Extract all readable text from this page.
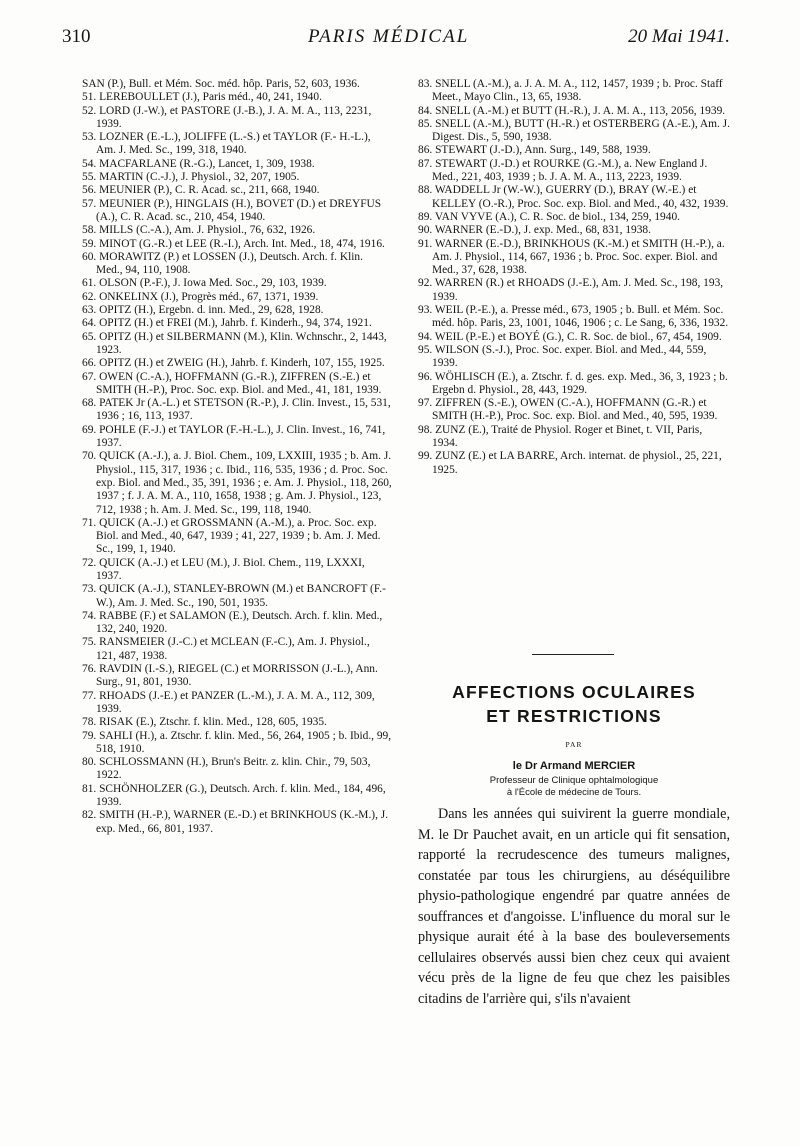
310	PARIS MÉDICAL	20 Mai 1941.

SAN (P.), Bull. et Mém. Soc. méd. hôp. Paris, 52, 603, 1936.

51. LEREBOULLET (J.), Paris méd., 40, 241, 1940.

52. LORD (J.-W.), et PASTORE (J.-B.), J. A. M. A., 113, 2231, 1939.

53. LOZNER (E.-L.), JOLIFFE (L.-S.) et TAYLOR (F.- H.-L.), Am. J. Med. Sc., 199, 318, 1940.

54. MACFARLANE (R.-G.), Lancet, 1, 309, 1938.

55. MARTIN (C.-J.), J. Physiol., 32, 207, 1905.

56. MEUNIER (P.), C. R. Acad. sc., 211, 668, 1940.

57. MEUNIER (P.), HINGLAIS (H.), BOVET (D.) et DREYFUS (A.), C. R. Acad. sc., 210, 454, 1940.

58. MILLS (C.-A.), Am. J. Physiol., 76, 632, 1926.

59. MINOT (G.-R.) et LEE (R.-I.), Arch. Int. Med., 18, 474, 1916.

60. MORAWITZ (P.) et LOSSEN (J.), Deutsch. Arch. f. Klin. Med., 94, 110, 1908.

61. OLSON (P.-F.), J. Iowa Med. Soc., 29, 103, 1939.

62. ONKELINX (J.), Progrès méd., 67, 1371, 1939.

63. OPITZ (H.), Ergebn. d. inn. Med., 29, 628, 1928.

64. OPITZ (H.) et FREI (M.), Jahrb. f. Kinderh., 94, 374, 1921.

65. OPITZ (H.) et SILBERMANN (M.), Klin. Wchnschr., 2, 1443, 1923.

66. OPITZ (H.) et ZWEIG (H.), Jahrb. f. Kinderh, 107, 155, 1925.

67. OWEN (C.-A.), HOFFMANN (G.-R.), ZIFFREN (S.-E.) et SMITH (H.-P.), Proc. Soc. exp. Biol. and Med., 41, 181, 1939.

68. PATEK Jr (A.-L.) et STETSON (R.-P.), J. Clin. Invest., 15, 531, 1936 ; 16, 113, 1937.

69. POHLE (F.-J.) et TAYLOR (F.-H.-L.), J. Clin. Invest., 16, 741, 1937.

70. QUICK (A.-J.), a. J. Biol. Chem., 109, LXXIII, 1935 ; b. Am. J. Physiol., 115, 317, 1936 ; c. Ibid., 116, 535, 1936 ; d. Proc. Soc. exp. Biol. and Med., 35, 391, 1936 ; e. Am. J. Physiol., 118, 260, 1937 ; f. J. A. M. A., 110, 1658, 1938 ; g. Am. J. Physiol., 123, 712, 1938 ; h. Am. J. Med. Sc., 199, 118, 1940.

71. QUICK (A.-J.) et GROSSMANN (A.-M.), a. Proc. Soc. exp. Biol. and Med., 40, 647, 1939 ; 41, 227, 1939 ; b. Am. J. Med. Sc., 199, 1, 1940.

72. QUICK (A.-J.) et LEU (M.), J. Biol. Chem., 119, LXXXI, 1937.

73. QUICK (A.-J.), STANLEY-BROWN (M.) et BANCROFT (F.-W.), Am. J. Med. Sc., 190, 501, 1935.

74. RABBE (F.) et SALAMON (E.), Deutsch. Arch. f. klin. Med., 132, 240, 1920.

75. RANSMEIER (J.-C.) et MCLEAN (F.-C.), Am. J. Physiol., 121, 487, 1938.

76. RAVDIN (I.-S.), RIEGEL (C.) et MORRISSON (J.-L.), Ann. Surg., 91, 801, 1930.

77. RHOADS (J.-E.) et PANZER (L.-M.), J. A. M. A., 112, 309, 1939.

78. RISAK (E.), Ztschr. f. klin. Med., 128, 605, 1935.

79. SAHLI (H.), a. Ztschr. f. klin. Med., 56, 264, 1905 ; b. Ibid., 99, 518, 1910.

80. SCHLOSSMANN (H.), Brun's Beitr. z. klin. Chir., 79, 503, 1922.

81. SCHÖNHOLZER (G.), Deutsch. Arch. f. klin. Med., 184, 496, 1939.

82. SMITH (H.-P.), WARNER (E.-D.) et BRINKHOUS (K.-M.), J. exp. Med., 66, 801, 1937.

83. SNELL (A.-M.), a. J. A. M. A., 112, 1457, 1939 ; b. Proc. Staff Meet., Mayo Clin., 13, 65, 1938.

84. SNELL (A.-M.) et BUTT (H.-R.), J. A. M. A., 113, 2056, 1939.

85. SNELL (A.-M.), BUTT (H.-R.) et OSTERBERG (A.-E.), Am. J. Digest. Dis., 5, 590, 1938.

86. STEWART (J.-D.), Ann. Surg., 149, 588, 1939.

87. STEWART (J.-D.) et ROURKE (G.-M.), a. New England J. Med., 221, 403, 1939 ; b. J. A. M. A., 113, 2223, 1939.

88. WADDELL Jr (W.-W.), GUERRY (D.), BRAY (W.-E.) et KELLEY (O.-R.), Proc. Soc. exp. Biol. and Med., 40, 432, 1939.

89. VAN VYVE (A.), C. R. Soc. de biol., 134, 259, 1940.

90. WARNER (E.-D.), J. exp. Med., 68, 831, 1938.

91. WARNER (E.-D.), BRINKHOUS (K.-M.) et SMITH (H.-P.), a. Am. J. Physiol., 114, 667, 1936 ; b. Proc. Soc. exper. Biol. and Med., 37, 628, 1938.

92. WARREN (R.) et RHOADS (J.-E.), Am. J. Med. Sc., 198, 193, 1939.

93. WEIL (P.-E.), a. Presse méd., 673, 1905 ; b. Bull. et Mém. Soc. méd. hôp. Paris, 23, 1001, 1046, 1906 ; c. Le Sang, 6, 336, 1932.

94. WEIL (P.-E.) et BOYÉ (G.), C. R. Soc. de biol., 67, 454, 1909.

95. WILSON (S.-J.), Proc. Soc. exper. Biol. and Med., 44, 559, 1939.

96. WÖHLISCH (E.), a. Ztschr. f. d. ges. exp. Med., 36, 3, 1923 ; b. Ergebn d. Physiol., 28, 443, 1929.

97. ZIFFREN (S.-E.), OWEN (C.-A.), HOFFMANN (G.-R.) et SMITH (H.-P.), Proc. Soc. exp. Biol. and Med., 40, 595, 1939.

98. ZUNZ (E.), Traité de Physiol. Roger et Binet, t. VII, Paris, 1934.

99. ZUNZ (E.) et LA BARRE, Arch. internat. de physiol., 25, 221, 1925.

AFFECTIONS OCULAIRES
ET RESTRICTIONS
PAR
le Dr Armand MERCIER
Professeur de Clinique ophtalmologique
à l'École de médecine de Tours.

Dans les années qui suivirent la guerre mondiale, M. le Dr Pauchet avait, en un article qui fit sensation, rapporté la recrudescence des tumeurs malignes, constatée par tous les chirurgiens, au déséquilibre physio-pathologique engendré par quatre années de souffrances et d'angoisse. L'influence du moral sur le physique aurait été à la base des bouleversements cellulaires observés aussi bien chez ceux qui avaient vécu près de la ligne de feu que chez les paisibles citadins de l'arrière qui, s'ils n'avaient
